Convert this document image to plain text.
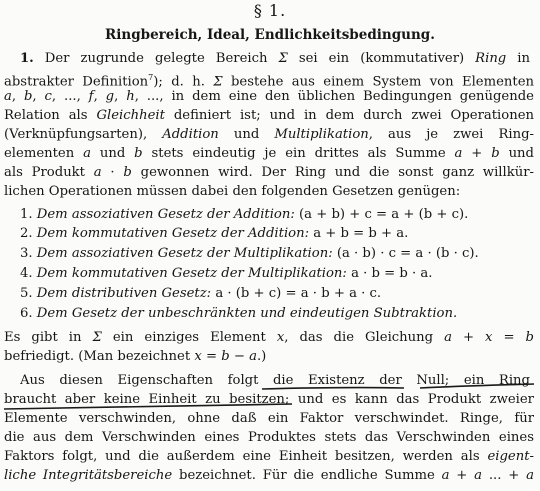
§ 1.
Ringbereich, Ideal, Endlichkeitsbedingung.
1. Der zugrunde gelegte Bereich Σ sei ein (kommutativer) Ring in
abstrakter Definition$^7$); d. h. Σ bestehe aus einem System von Elementen
a, b, c, ..., f, g, h, ..., in dem eine den üblichen Bedingungen genügende
Relation als Gleichheit definiert ist; und in dem durch zwei Operationen
(Verknüpfungsarten), Addition und Multiplikation, aus je zwei Ring-
elementen a und b stets eindeutig je ein drittes als Summe a + b und
als Produkt a · b gewonnen wird. Der Ring und die sonst ganz willkür-
lichen Operationen müssen dabei den folgenden Gesetzen genügen:
1. Dem assoziativen Gesetz der Addition: (a + b) + c = a + (b + c).
2. Dem kommutativen Gesetz der Addition: a + b = b + a.
3. Dem assoziativen Gesetz der Multiplikation: (a · b) · c = a · (b · c).
4. Dem kommutativen Gesetz der Multiplikation: a · b = b · a.
5. Dem distributiven Gesetz: a · (b + c) = a · b + a · c.
6. Dem Gesetz der unbeschränkten und eindeutigen Subtraktion.
Es gibt in Σ ein einziges Element x, das die Gleichung a + x = b
befriedigt. (Man bezeichnet x = b − a.)
Aus diesen Eigenschaften folgt die Existenz der Null; ein Ring
braucht aber keine Einheit zu besitzen; und es kann das Produkt zweier
Elemente verschwinden, ohne daß ein Faktor verschwindet. Ringe, für
die aus dem Verschwinden eines Produktes stets das Verschwinden eines
Faktors folgt, und die außerdem eine Einheit besitzen, werden als eigent-
liche Integritätsbereiche bezeichnet. Für die endliche Summe a + a ... + a
